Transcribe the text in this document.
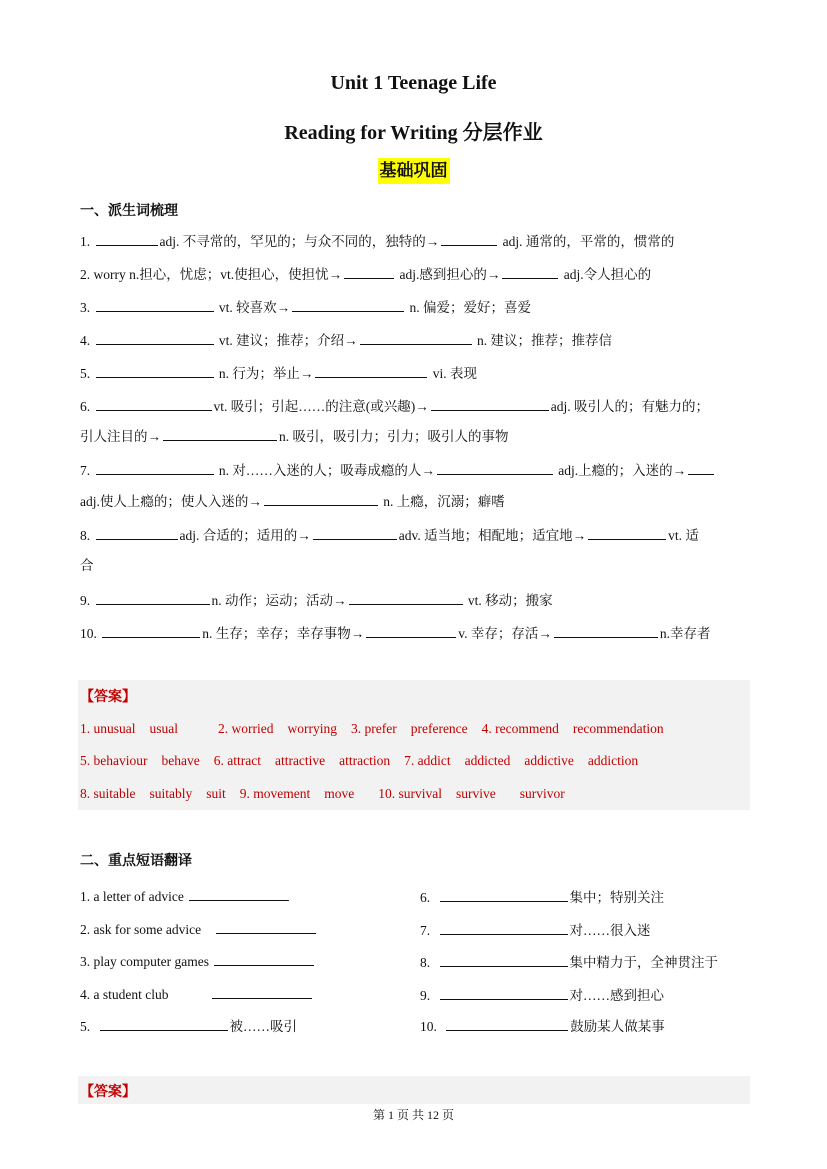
Unit 1 Teenage Life
Reading for Writing 分层作业
基础巩固
一、派生词梳理
1.	adj. 不寻常的，罕见的；与众不同的，独特的→	adj. 通常的，平常的，惯常的
2. worry n.担心，忧虑；vt.使担心，使担忧→	adj.感到担心的→	adj.令人担心的
3.	vt. 较喜欢→	n. 偏爱；爱好；喜爱
4.	vt. 建议；推荐；介绍→	n. 建议；推荐；推荐信
5.	n. 行为；举止→	vi. 表现
6.	vt. 吸引；引起……的注意(或兴趣)→	adj. 吸引人的；有魅力的；
引人注目的→	n. 吸引，吸引力；引力；吸引人的事物
7.	n. 对……入迷的人；吸毒成瘾的人→	adj.上瘾的；入迷的→
adj.使人上瘾的；使人入迷的→	n. 上瘾，沉溺；癖嗜
8.	adj. 合适的；适用的→	adv. 适当地；相配地；适宜地→	vt. 适
合
9.	n. 动作；运动；活动→	vt. 移动；搬家
10.	n. 生存；幸存；幸存事物→	v. 幸存；存活→	n.幸存者
【答案】
1. unusual usual	2. worried worrying 3. prefer preference 4. recommend recommendation
5. behaviour behave 6. attract attractive attraction 7. addict addicted addictive addiction
8. suitable suitably suit 9. movement move 10. survival survive survivor
二、重点短语翻译
1. a letter of advice
2. ask for some advice
3. play computer games
4. a student club
5.	被……吸引
6.	集中；特别关注
7.	对……很入迷
8.	集中精力于，全神贯注于
9.	对……感到担心
10.	鼓励某人做某事
【答案】
第 1 页 共 12 页
